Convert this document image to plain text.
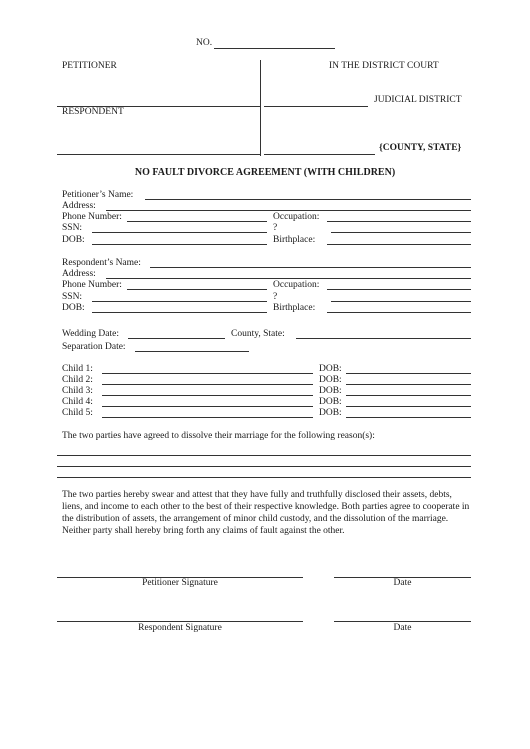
NO.
PETITIONER	IN THE DISTRICT COURT
JUDICIAL DISTRICT
RESPONDENT
{COUNTY, STATE}
NO FAULT DIVORCE AGREEMENT (WITH CHILDREN)
Petitioner’s Name:
Address:
Phone Number:	Occupation:
SSN:	?
DOB:	Birthplace:
Respondent’s Name:
Address:
Phone Number:	Occupation:
SSN:	?
DOB:	Birthplace:
Wedding Date:	County, State:
Separation Date:
Child 1:	DOB:
Child 2:	DOB:
Child 3:	DOB:
Child 4:	DOB:
Child 5:	DOB:
The two parties have agreed to dissolve their marriage for the following reason(s):
The two parties hereby swear and attest that they have fully and truthfully disclosed their assets, debts, liens, and income to each other to the best of their respective knowledge. Both parties agree to cooperate in the distribution of assets, the arrangement of minor child custody, and the dissolution of the marriage. Neither party shall hereby bring forth any claims of fault against the other.
Petitioner Signature	Date
Respondent Signature	Date
